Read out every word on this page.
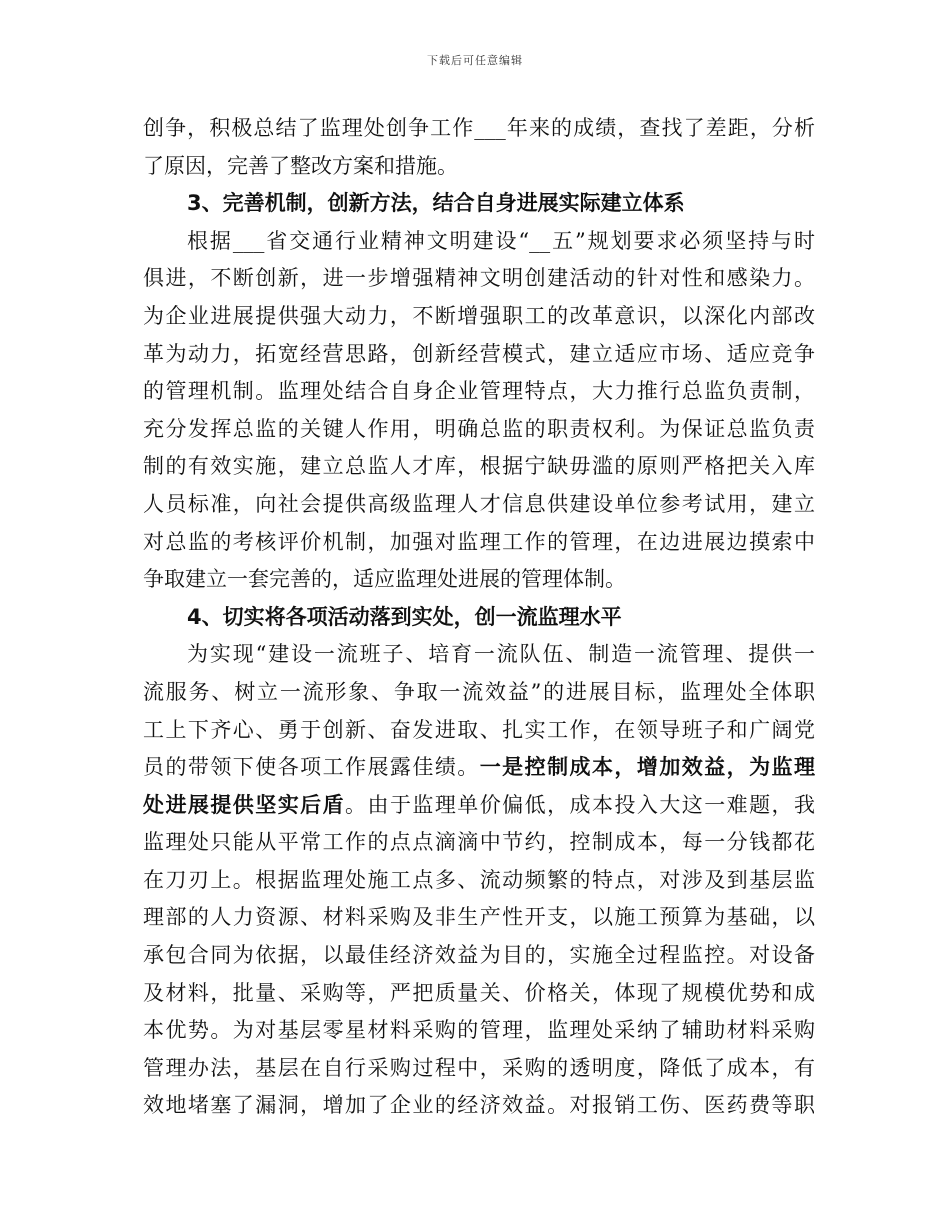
下载后可任意编辑
创争，积极总结了监理处创争工作___年来的成绩，查找了差距，分析
了原因，完善了整改方案和措施。
3、完善机制，创新方法，结合自身进展实际建立体系
根据___省交通行业精神文明建设“__五”规划要求必须坚持与时
俱进，不断创新，进一步增强精神文明创建活动的针对性和感染力。
为企业进展提供强大动力，不断增强职工的改革意识，以深化内部改
革为动力，拓宽经营思路，创新经营模式，建立适应市场、适应竞争
的管理机制。监理处结合自身企业管理特点，大力推行总监负责制，
充分发挥总监的关键人作用，明确总监的职责权利。为保证总监负责
制的有效实施，建立总监人才库，根据宁缺毋滥的原则严格把关入库
人员标准，向社会提供高级监理人才信息供建设单位参考试用，建立
对总监的考核评价机制，加强对监理工作的管理，在边进展边摸索中
争取建立一套完善的，适应监理处进展的管理体制。
4、切实将各项活动落到实处，创一流监理水平
为实现“建设一流班子、培育一流队伍、制造一流管理、提供一
流服务、树立一流形象、争取一流效益”的进展目标，监理处全体职
工上下齐心、勇于创新、奋发进取、扎实工作，在领导班子和广阔党
员的带领下使各项工作展露佳绩。一是控制成本，增加效益，为监理
处进展提供坚实后盾。由于监理单价偏低，成本投入大这一难题，我
监理处只能从平常工作的点点滴滴中节约，控制成本，每一分钱都花
在刀刃上。根据监理处施工点多、流动频繁的特点，对涉及到基层监
理部的人力资源、材料采购及非生产性开支，以施工预算为基础，以
承包合同为依据，以最佳经济效益为目的，实施全过程监控。对设备
及材料，批量、采购等，严把质量关、价格关，体现了规模优势和成
本优势。为对基层零星材料采购的管理，监理处采纳了辅助材料采购
管理办法，基层在自行采购过程中，采购的透明度，降低了成本，有
效地堵塞了漏洞，增加了企业的经济效益。对报销工伤、医药费等职
